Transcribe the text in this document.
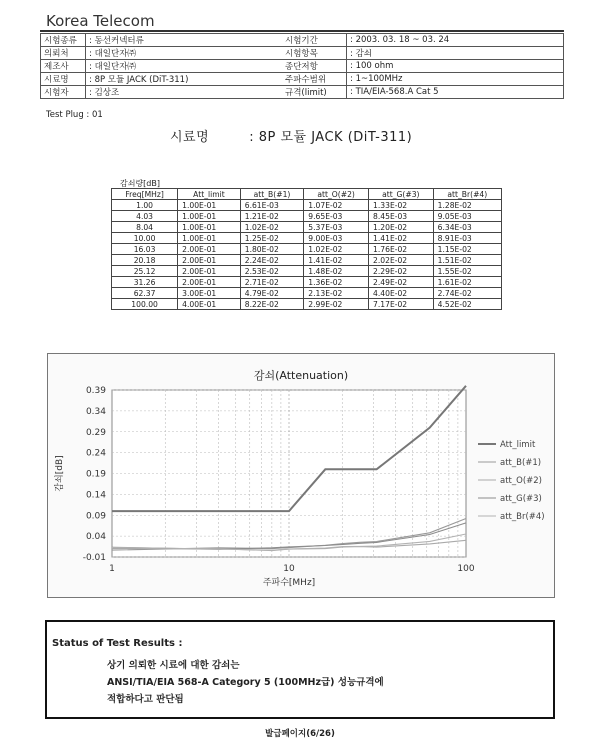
Korea Telecom
시험종류	: 동선커넥터류	시험기간	: 2003. 03. 18 ~ 03. 24
의뢰처	: 대일단자㈜	시험항목	: 감쇠
제조사	: 대일단자㈜	종단저항	: 100 ohm
시료명	: 8P 모듈 JACK (DiT-311)	주파수범위	: 1~100MHz
시험자	: 김상조	규격(limit)	: TIA/EIA-568.A Cat 5
Test Plug : 01
시료명	: 8P 모듈 JACK (DiT-311)
감쇠량[dB]
Freq[MHz]	Att_limit	att_B(#1)	att_O(#2)	att_G(#3)	att_Br(#4)
1.00	1.00E-01	6.61E-03	1.07E-02	1.33E-02	1.28E-02
4.03	1.00E-01	1.21E-02	9.65E-03	8.45E-03	9.05E-03
8.04	1.00E-01	1.02E-02	5.37E-03	1.20E-02	6.34E-03
10.00	1.00E-01	1.25E-02	9.00E-03	1.41E-02	8.91E-03
16.03	2.00E-01	1.80E-02	1.02E-02	1.76E-02	1.15E-02
20.18	2.00E-01	2.24E-02	1.41E-02	2.02E-02	1.51E-02
25.12	2.00E-01	2.53E-02	1.48E-02	2.29E-02	1.55E-02
31.26	2.00E-01	2.71E-02	1.36E-02	2.49E-02	1.61E-02
62.37	3.00E-01	4.79E-02	2.13E-02	4.40E-02	2.74E-02
100.00	4.00E-01	8.22E-02	2.99E-02	7.17E-02	4.52E-02
감쇠(Attenuation)
0.39
0.34
0.29
0.24
0.19
0.14
0.09
0.04
-0.01
1	10	100
주파수[MHz]
감쇠[dB]
Att_limit
att_B(#1)
att_O(#2)
att_G(#3)
att_Br(#4)
Status of Test Results :
상기 의뢰한 시료에 대한 감쇠는
ANSI/TIA/EIA 568-A Category 5 (100MHz급) 성능규격에
적합하다고 판단됨
발급페이지(6/26)
